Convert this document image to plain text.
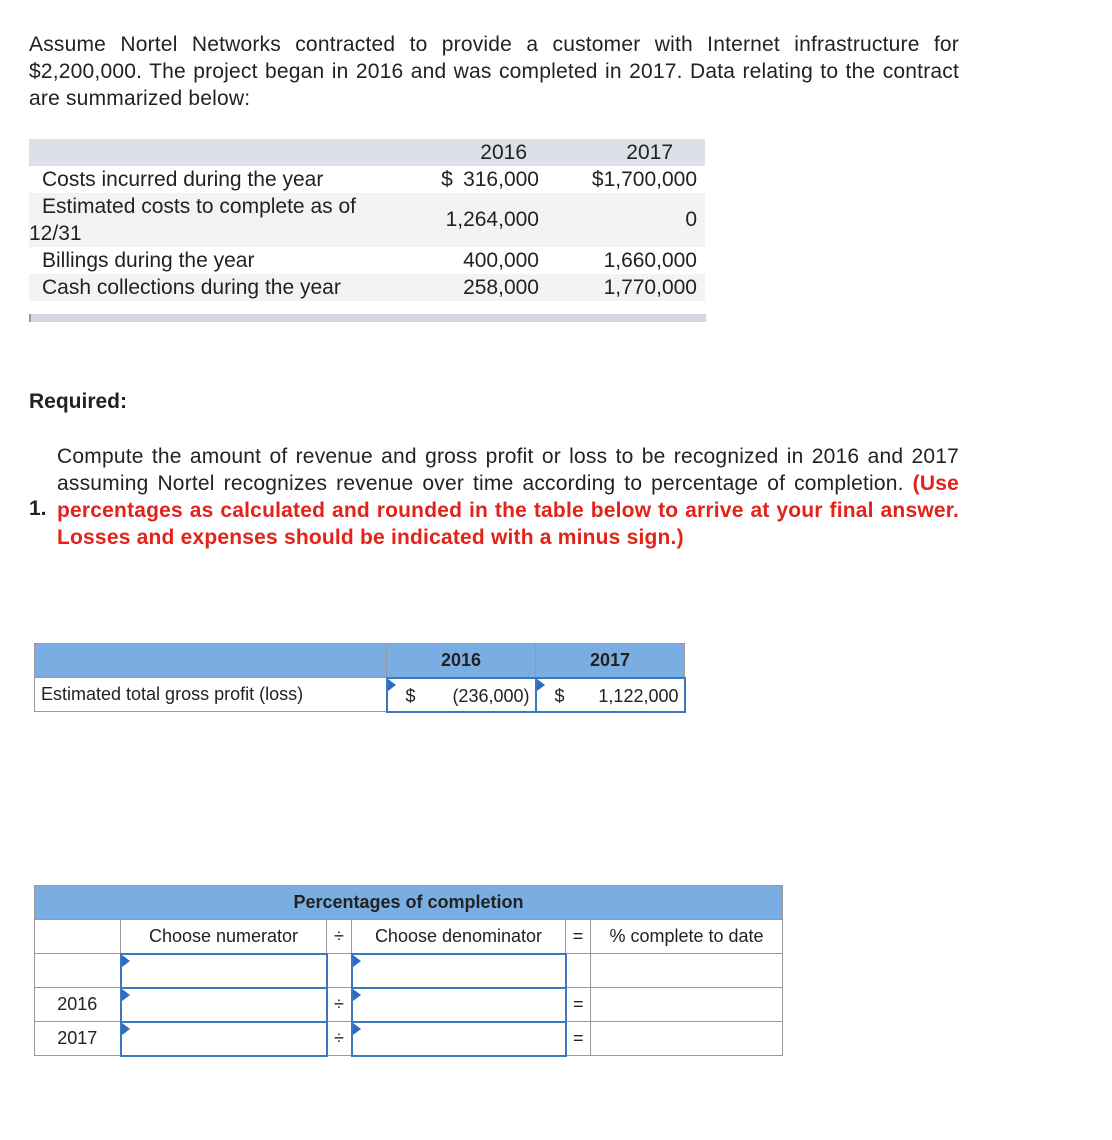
Assume Nortel Networks contracted to provide a customer with Internet infrastructure for $2,200,000. The project began in 2016 and was completed in 2017. Data relating to the contract are summarized below:
2016	2017
Costs incurred during the year	$ 316,000	$1,700,000
Estimated costs to complete as of
12/31
1,264,000	0
Billings during the year	400,000	1,660,000
Cash collections during the year	258,000	1,770,000
Required:
1.
Compute the amount of revenue and gross profit or loss to be recognized in 2016 and 2017 assuming Nortel recognizes revenue over time according to percentage of completion. (Use percentages as calculated and rounded in the table below to arrive at your final answer. Losses and expenses should be indicated with a minus sign.)
	2016	2017
Estimated total gross profit (loss)	$ (236,000)	$ 1,122,000
Percentages of completion					
	Choose numerator	÷	Choose denominator	=	% complete to date

2016		÷		=	
2017		÷		=	
